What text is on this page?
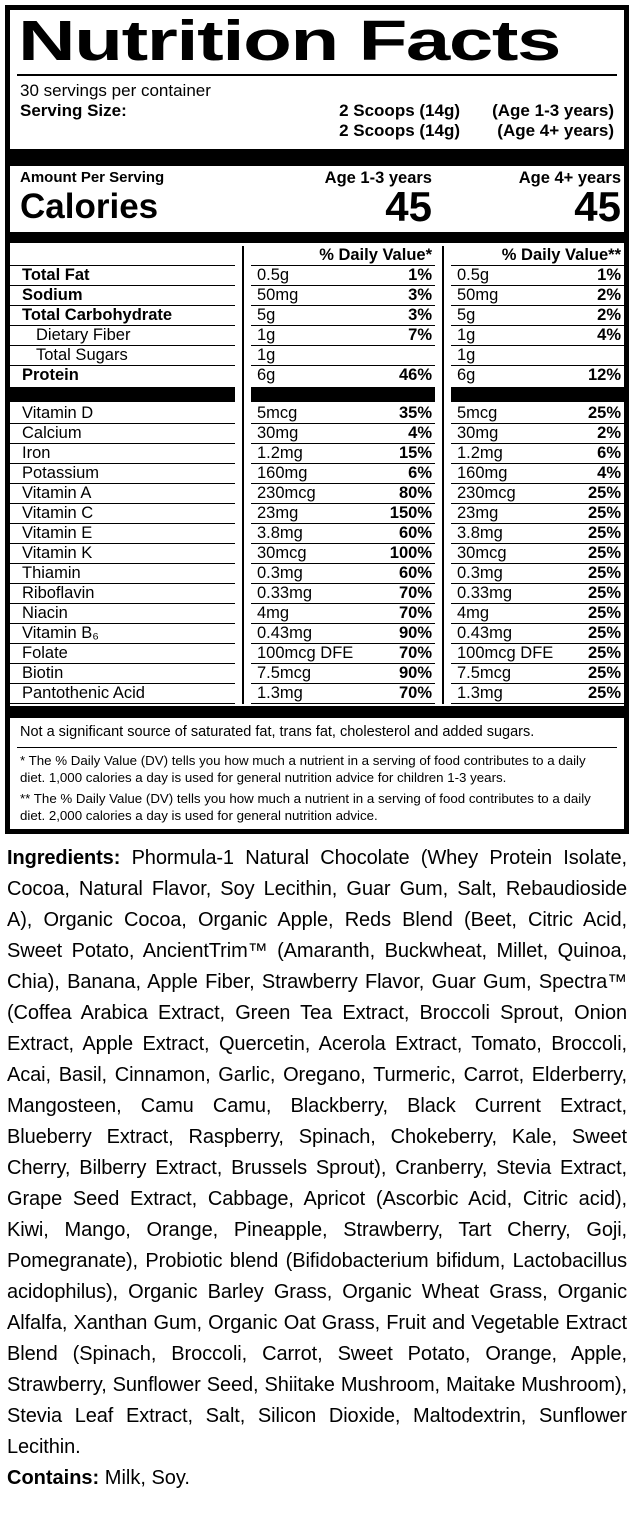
Nutrition Facts
30 servings per container
Serving Size:	2 Scoops (14g)	(Age 1-3 years)
2 Scoops (14g)	(Age 4+ years)
Amount Per Serving	Age 1-3 years	Age 4+ years
Calories	45	45
		% Daily Value*			% Daily Value**	
Total Fat		0.5g	1%		0.5g	1%
Sodium		50mg	3%		50mg	2%
Total Carbohydrate		5g	3%		5g	2%
Dietary Fiber		1g	7%		1g	4%
Total Sugars		1g			1g	
Protein		6g	46%		6g	12%

Vitamin D		5mcg	35%		5mcg	25%
Calcium		30mg	4%		30mg	2%
Iron		1.2mg	15%		1.2mg	6%
Potassium		160mg	6%		160mg	4%
Vitamin A		230mcg	80%		230mcg	25%
Vitamin C		23mg	150%		23mg	25%
Vitamin E		3.8mg	60%		3.8mg	25%
Vitamin K		30mcg	100%		30mcg	25%
Thiamin		0.3mg	60%		0.3mg	25%
Riboflavin		0.33mg	70%		0.33mg	25%
Niacin		4mg	70%		4mg	25%
Vitamin B₆		0.43mg	90%		0.43mg	25%
Folate		100mcg DFE	70%		100mcg DFE	25%
Biotin		7.5mcg	90%		7.5mcg	25%
Pantothenic Acid		1.3mg	70%		1.3mg	25%
Not a significant source of saturated fat, trans fat, cholesterol and added sugars.

* The % Daily Value (DV) tells you how much a nutrient in a serving of food contributes to a daily diet. 1,000 calories a day is used for general nutrition advice for children 1-3 years.

** The % Daily Value (DV) tells you how much a nutrient in a serving of food contributes to a daily diet. 2,000 calories a day is used for general nutrition advice.

Ingredients: Phormula-1 Natural Chocolate (Whey Protein Isolate, Cocoa, Natural Flavor, Soy Lecithin, Guar Gum, Salt, Rebaudioside A), Organic Cocoa, Organic Apple, Reds Blend (Beet, Citric Acid, Sweet Potato, AncientTrim™ (Amaranth, Buckwheat, Millet, Quinoa, Chia), Banana, Apple Fiber, Strawberry Flavor, Guar Gum, Spectra™ (Coffea Arabica Extract, Green Tea Extract, Broccoli Sprout, Onion Extract, Apple Extract, Quercetin, Acerola Extract, Tomato, Broccoli, Acai, Basil, Cinnamon, Garlic, Oregano, Turmeric, Carrot, Elderberry, Mangosteen, Camu Camu, Blackberry, Black Current Extract, Blueberry Extract, Raspberry, Spinach, Chokeberry, Kale, Sweet Cherry, Bilberry Extract, Brussels Sprout), Cranberry, Stevia Extract, Grape Seed Extract, Cabbage, Apricot (Ascorbic Acid, Citric acid), Kiwi, Mango, Orange, Pineapple, Strawberry, Tart Cherry, Goji, Pomegranate), Probiotic blend (Bifidobacterium bifidum, Lactobacillus acidophilus), Organic Barley Grass, Organic Wheat Grass, Organic Alfalfa, Xanthan Gum, Organic Oat Grass, Fruit and Vegetable Extract Blend (Spinach, Broccoli, Carrot, Sweet Potato, Orange, Apple, Strawberry, Sunflower Seed, Shiitake Mushroom, Maitake Mushroom), Stevia Leaf Extract, Salt, Silicon Dioxide, Maltodextrin, Sunflower Lecithin.

Contains: Milk, Soy.
